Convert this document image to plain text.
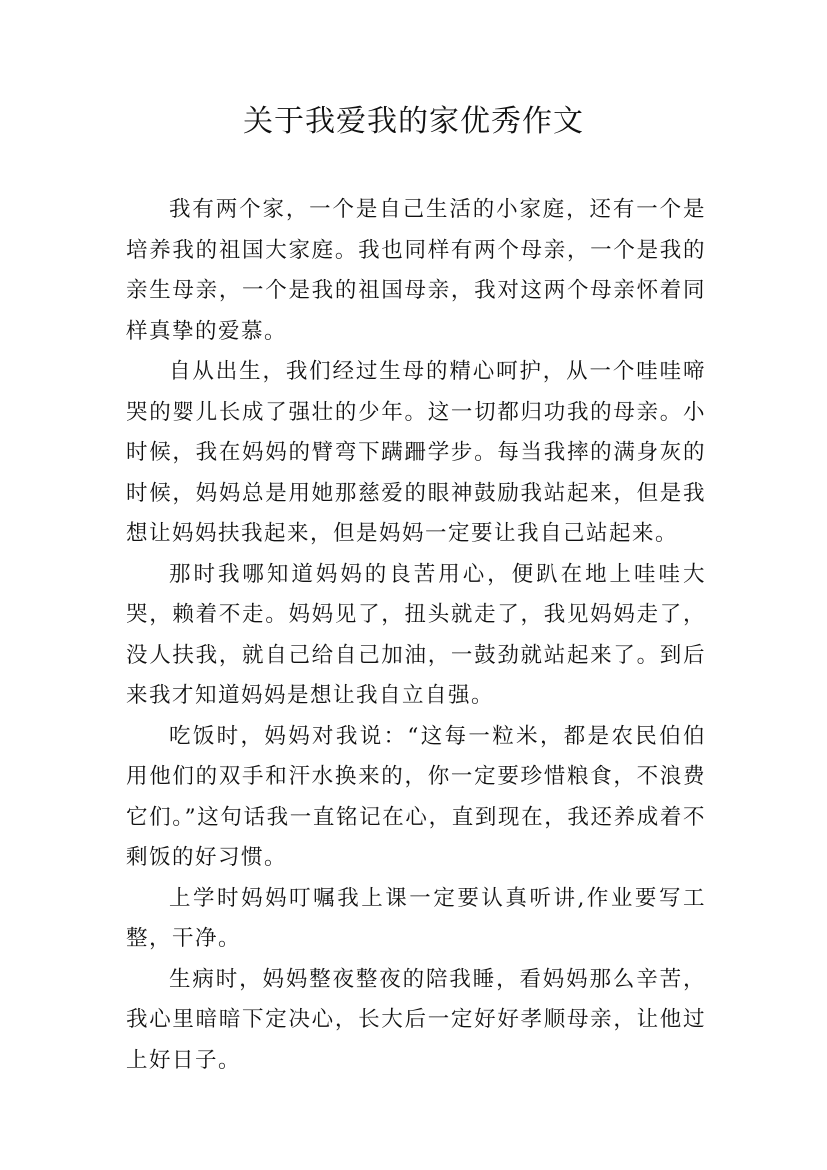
关于我爱我的家优秀作文

我有两个家，一个是自己生活的小家庭，还有一个是培养我的祖国大家庭。我也同样有两个母亲，一个是我的亲生母亲，一个是我的祖国母亲，我对这两个母亲怀着同样真挚的爱慕。

自从出生，我们经过生母的精心呵护，从一个哇哇啼哭的婴儿长成了强壮的少年。这一切都归功我的母亲。小时候，我在妈妈的臂弯下蹒跚学步。每当我摔的满身灰的时候，妈妈总是用她那慈爱的眼神鼓励我站起来，但是我想让妈妈扶我起来，但是妈妈一定要让我自己站起来。

那时我哪知道妈妈的良苦用心，便趴在地上哇哇大哭，赖着不走。妈妈见了，扭头就走了，我见妈妈走了，没人扶我，就自己给自己加油，一鼓劲就站起来了。到后来我才知道妈妈是想让我自立自强。

吃饭时，妈妈对我说：“这每一粒米，都是农民伯伯用他们的双手和汗水换来的，你一定要珍惜粮食，不浪费它们。”这句话我一直铭记在心，直到现在，我还养成着不剩饭的好习惯。

上学时妈妈叮嘱我上课一定要认真听讲,作业要写工整，干净。

生病时，妈妈整夜整夜的陪我睡，看妈妈那么辛苦，我心里暗暗下定决心，长大后一定好好孝顺母亲，让他过上好日子。
